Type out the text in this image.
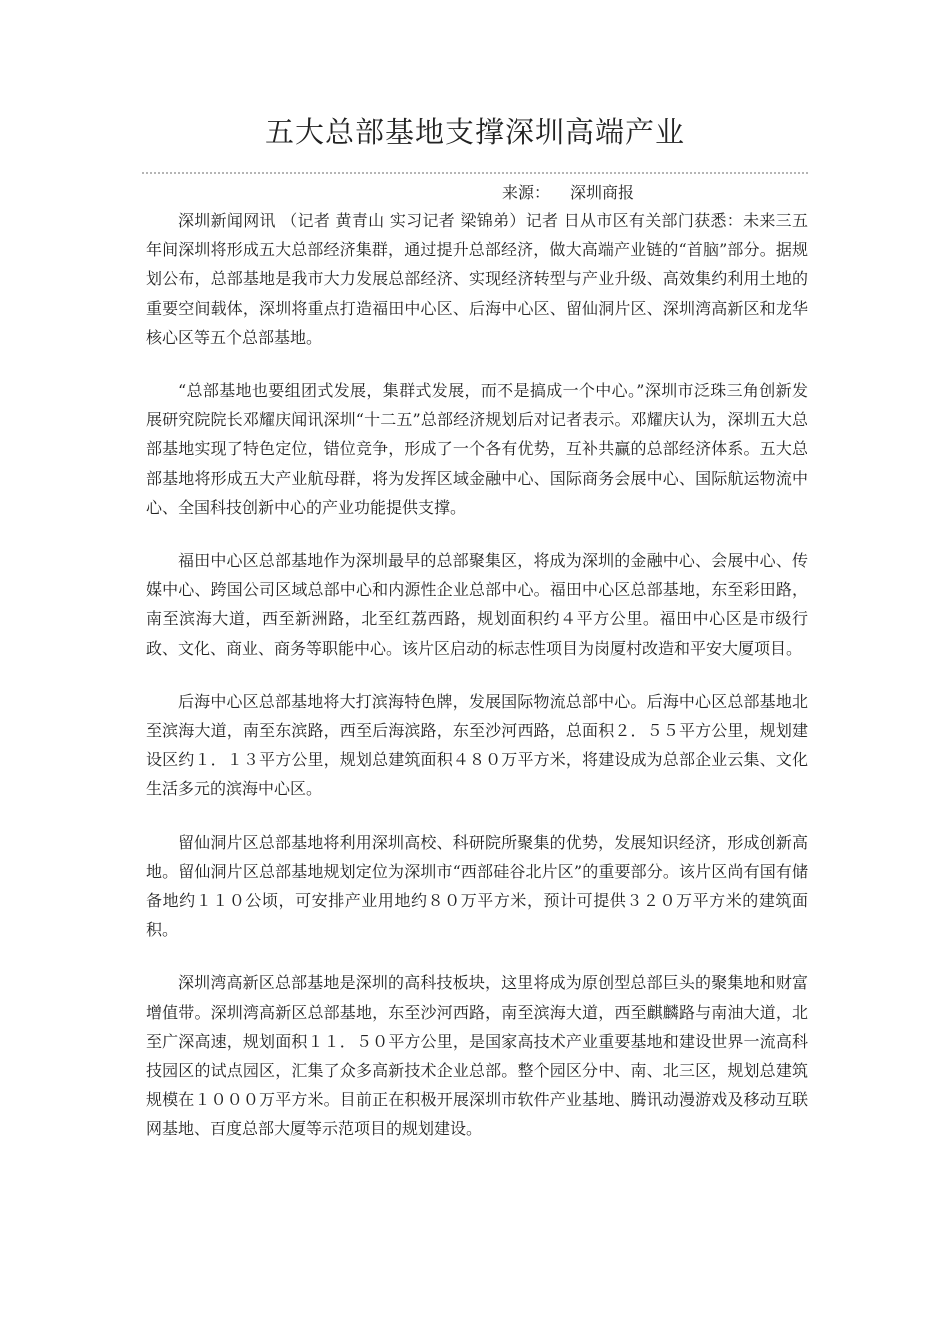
五大总部基地支撑深圳高端产业
来源： 深圳商报

深圳新闻网讯 （记者 黄青山 实习记者 梁锦弟）记者 日从市区有关部门获悉：未来三五年间深圳将形成五大总部经济集群，通过提升总部经济，做大高端产业链的“首脑”部分。据规划公布，总部基地是我市大力发展总部经济、实现经济转型与产业升级、高效集约利用土地的重要空间载体，深圳将重点打造福田中心区、后海中心区、留仙洞片区、深圳湾高新区和龙华核心区等五个总部基地。

“总部基地也要组团式发展，集群式发展，而不是搞成一个中心。”深圳市泛珠三角创新发展研究院院长邓耀庆闻讯深圳“十二五”总部经济规划后对记者表示。邓耀庆认为，深圳五大总部基地实现了特色定位，错位竞争，形成了一个各有优势，互补共赢的总部经济体系。五大总部基地将形成五大产业航母群，将为发挥区域金融中心、国际商务会展中心、国际航运物流中心、全国科技创新中心的产业功能提供支撑。

福田中心区总部基地作为深圳最早的总部聚集区，将成为深圳的金融中心、会展中心、传媒中心、跨国公司区域总部中心和内源性企业总部中心。福田中心区总部基地，东至彩田路，南至滨海大道，西至新洲路，北至红荔西路，规划面积约４平方公里。福田中心区是市级行政、文化、商业、商务等职能中心。该片区启动的标志性项目为岗厦村改造和平安大厦项目。

后海中心区总部基地将大打滨海特色牌，发展国际物流总部中心。后海中心区总部基地北至滨海大道，南至东滨路，西至后海滨路，东至沙河西路，总面积２．５５平方公里，规划建设区约１．１３平方公里，规划总建筑面积４８０万平方米，将建设成为总部企业云集、文化生活多元的滨海中心区。

留仙洞片区总部基地将利用深圳高校、科研院所聚集的优势，发展知识经济，形成创新高地。留仙洞片区总部基地规划定位为深圳市“西部硅谷北片区”的重要部分。该片区尚有国有储备地约１１０公顷，可安排产业用地约８０万平方米，预计可提供３２０万平方米的建筑面积。

深圳湾高新区总部基地是深圳的高科技板块，这里将成为原创型总部巨头的聚集地和财富增值带。深圳湾高新区总部基地，东至沙河西路，南至滨海大道，西至麒麟路与南油大道，北至广深高速，规划面积１１．５０平方公里，是国家高技术产业重要基地和建设世界一流高科技园区的试点园区，汇集了众多高新技术企业总部。整个园区分中、南、北三区，规划总建筑规模在１０００万平方米。目前正在积极开展深圳市软件产业基地、腾讯动漫游戏及移动互联网基地、百度总部大厦等示范项目的规划建设。
